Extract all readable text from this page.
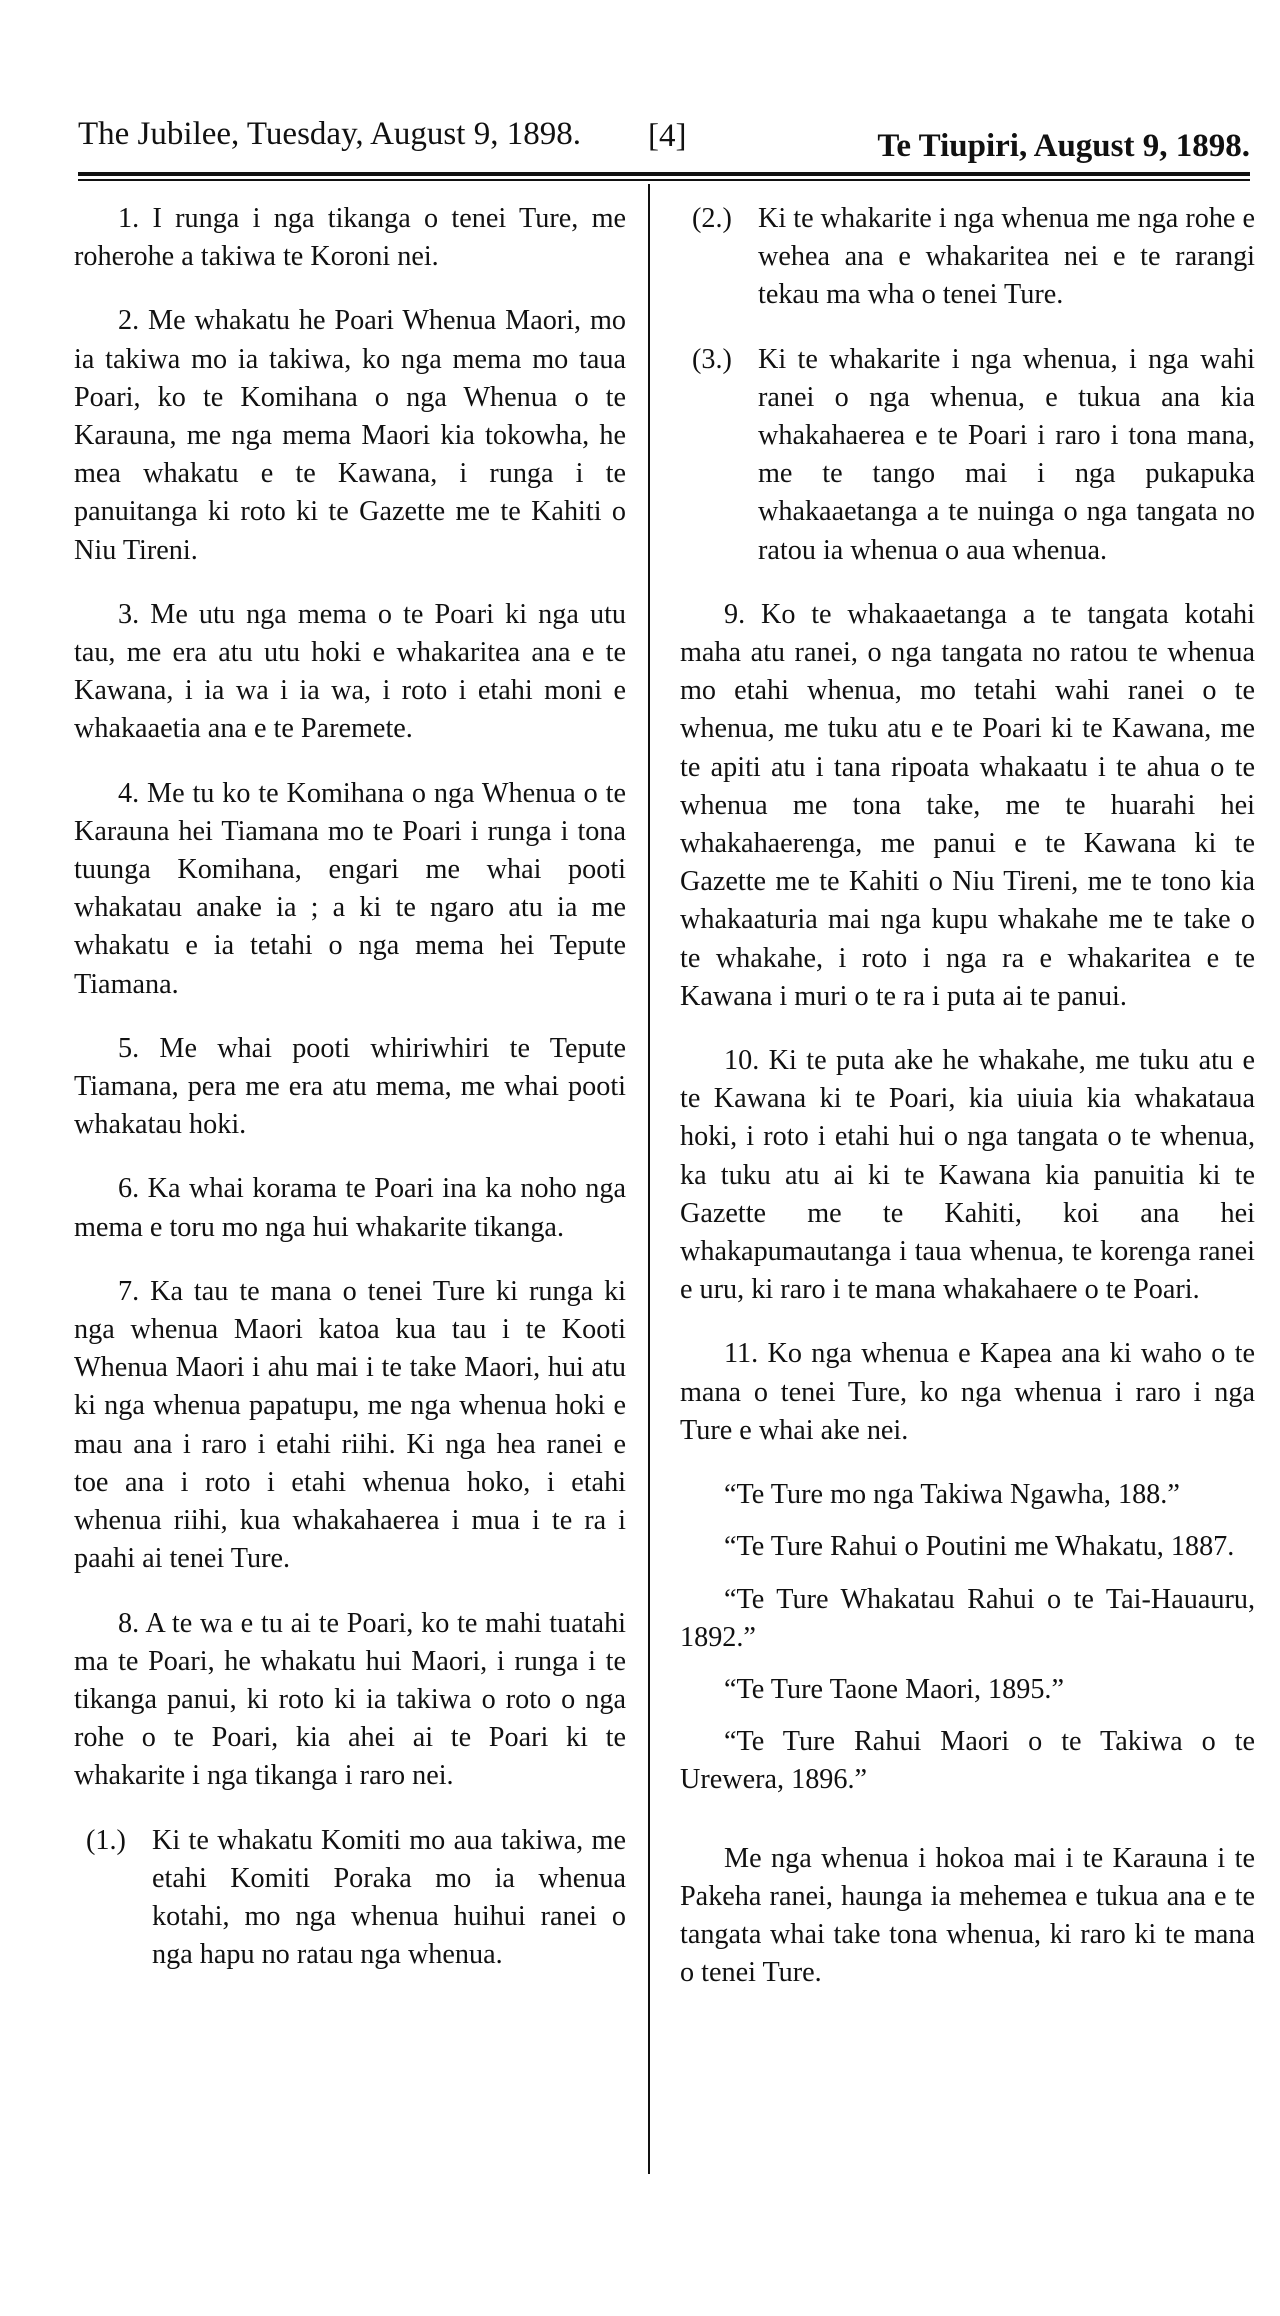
The Jubilee, Tuesday, August 9, 1898. [4]	Te Tiupiri, August 9, 1898.

1. I runga i nga tikanga o tenei Ture, me roherohe a takiwa te Koroni nei.

2. Me whakatu he Poari Whenua Maori, mo ia takiwa mo ia takiwa, ko nga mema mo taua Poari, ko te Komihana o nga Whenua o te Karauna, me nga mema Maori kia tokowha, he mea whakatu e te Kawana, i runga i te panuitanga ki roto ki te Gazette me te Kahiti o Niu Tireni.

3. Me utu nga mema o te Poari ki nga utu tau, me era atu utu hoki e whakaritea ana e te Kawana, i ia wa i ia wa, i roto i etahi moni e whakaaetia ana e te Paremete.

4. Me tu ko te Komihana o nga Whenua o te Karauna hei Tiamana mo te Poari i runga i tona tuunga Komihana, engari me whai pooti whakatau anake ia ; a ki te ngaro atu ia me whakatu e ia tetahi o nga mema hei Tepute Tiamana.

5. Me whai pooti whiriwhiri te Tepute Tiamana, pera me era atu mema, me whai pooti whakatau hoki.

6. Ka whai korama te Poari ina ka noho nga mema e toru mo nga hui whakarite tikanga.

7. Ka tau te mana o tenei Ture ki runga ki nga whenua Maori katoa kua tau i te Kooti Whenua Maori i ahu mai i te take Maori, hui atu ki nga whenua papatupu, me nga whenua hoki e mau ana i raro i etahi riihi. Ki nga hea ranei e toe ana i roto i etahi whenua hoko, i etahi whenua riihi, kua whakahaerea i mua i te ra i paahi ai tenei Ture.

8. A te wa e tu ai te Poari, ko te mahi tuatahi ma te Poari, he whakatu hui Maori, i runga i te tikanga panui, ki roto ki ia takiwa o roto o nga rohe o te Poari, kia ahei ai te Poari ki te whakarite i nga tikanga i raro nei.

(1.) Ki te whakatu Komiti mo aua takiwa, me etahi Komiti Poraka mo ia whenua kotahi, mo nga whenua huihui ranei o nga hapu no ratau nga whenua.

(2.) Ki te whakarite i nga whenua me nga rohe e wehea ana e whakaritea nei e te rarangi tekau ma wha o tenei Ture.

(3.) Ki te whakarite i nga whenua, i nga wahi ranei o nga whenua, e tukua ana kia whakahaerea e te Poari i raro i tona mana, me te tango mai i nga pukapuka whakaaetanga a te nuinga o nga tangata no ratou ia whenua o aua whenua.

9. Ko te whakaaetanga a te tangata kotahi maha atu ranei, o nga tangata no ratou te whenua mo etahi whenua, mo tetahi wahi ranei o te whenua, me tuku atu e te Poari ki te Kawana, me te apiti atu i tana ripoata whakaatu i te ahua o te whenua me tona take, me te huarahi hei whakahaerenga, me panui e te Kawana ki te Gazette me te Kahiti o Niu Tireni, me te tono kia whakaaturia mai nga kupu whakahe me te take o te whakahe, i roto i nga ra e whakaritea e te Kawana i muri o te ra i puta ai te panui.

10. Ki te puta ake he whakahe, me tuku atu e te Kawana ki te Poari, kia uiuia kia whakataua hoki, i roto i etahi hui o nga tangata o te whenua, ka tuku atu ai ki te Kawana kia panuitia ki te Gazette me te Kahiti, koi ana hei whakapumautanga i taua whenua, te korenga ranei e uru, ki raro i te mana whakahaere o te Poari.

11. Ko nga whenua e Kapea ana ki waho o te mana o tenei Ture, ko nga whenua i raro i nga Ture e whai ake nei.

“Te Ture mo nga Takiwa Ngawha, 188.”

“Te Ture Rahui o Poutini me Whakatu, 1887.

“Te Ture Whakatau Rahui o te Tai-Hauauru, 1892.”

“Te Ture Taone Maori, 1895.”

“Te Ture Rahui Maori o te Takiwa o te Urewera, 1896.”

Me nga whenua i hokoa mai i te Karauna i te Pakeha ranei, haunga ia mehemea e tukua ana e te tangata whai take tona whenua, ki raro ki te mana o tenei Ture.
